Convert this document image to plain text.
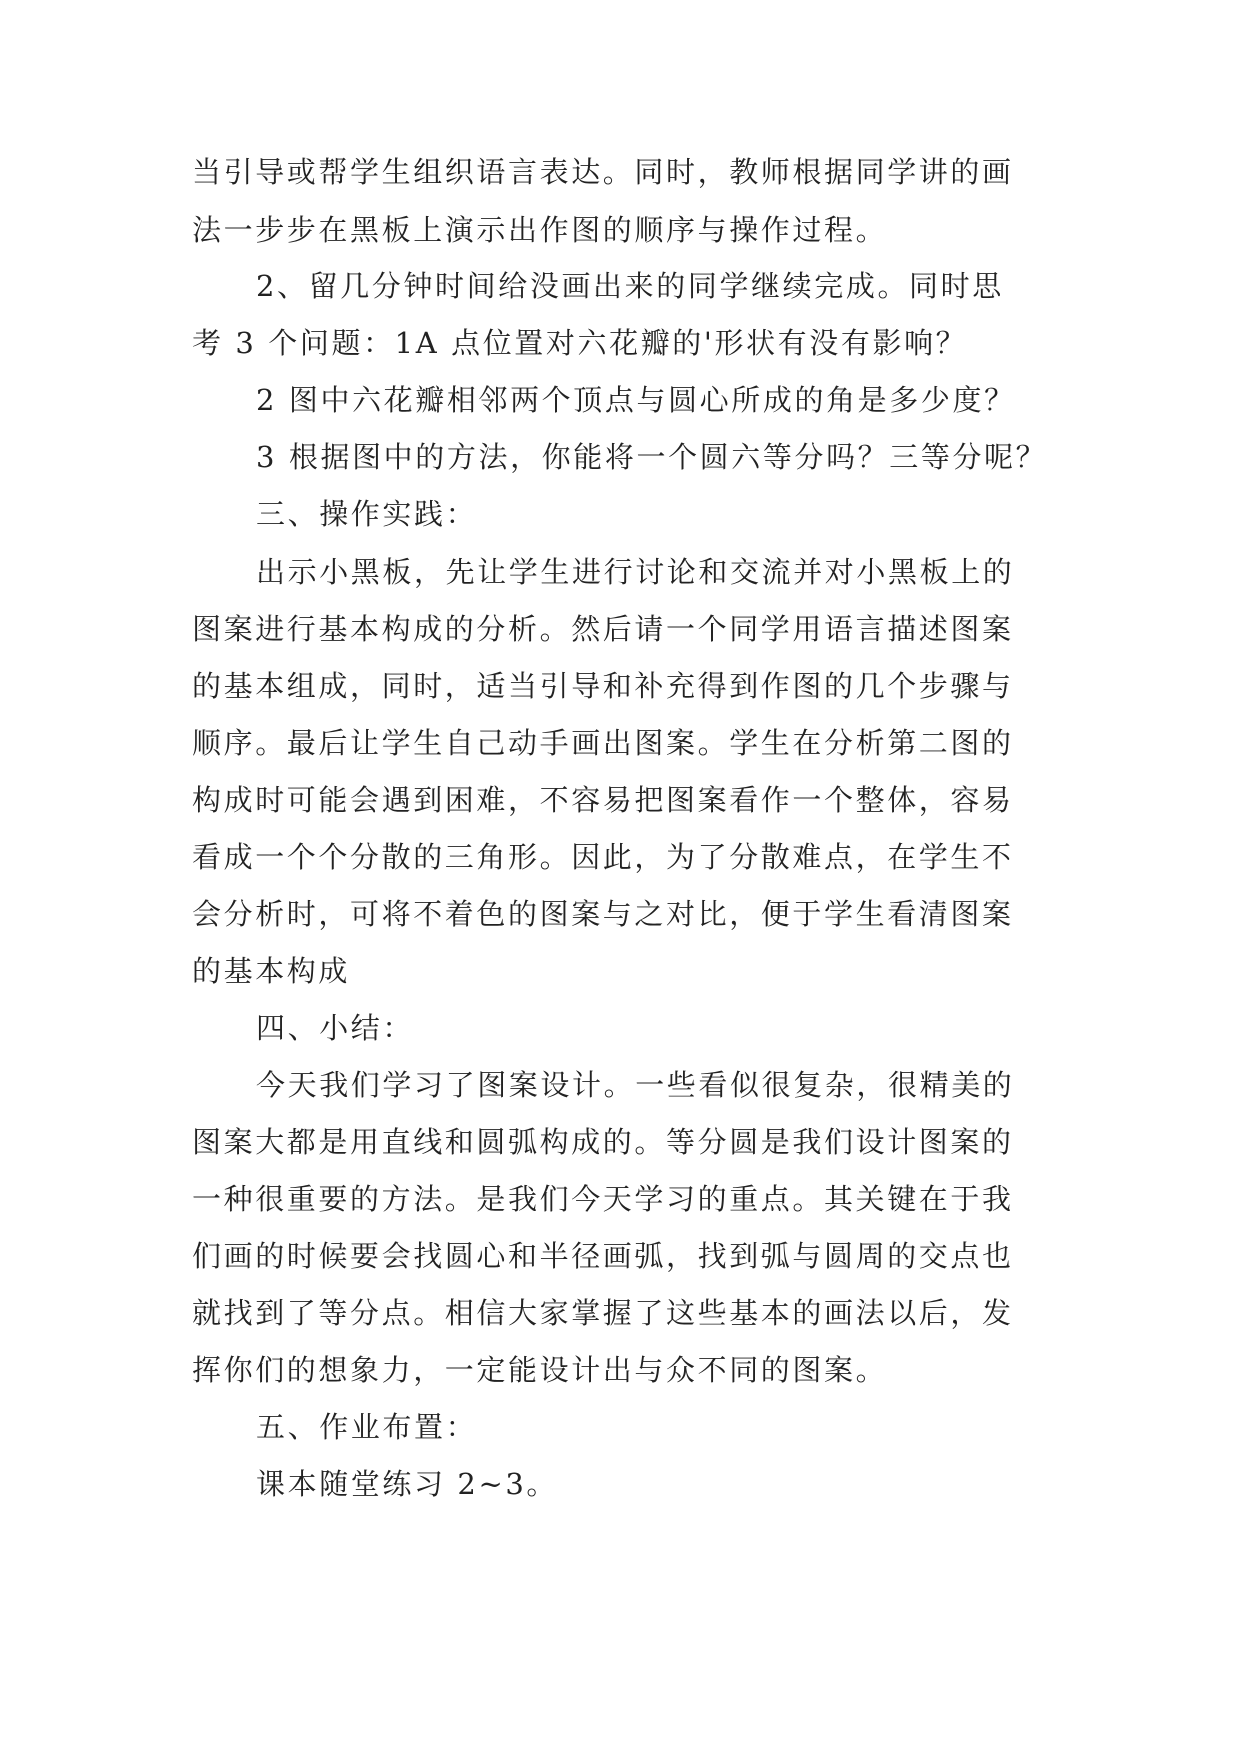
当引导或帮学生组织语言表达。同时，教师根据同学讲的画
法一步步在黑板上演示出作图的顺序与操作过程。
2、留几分钟时间给没画出来的同学继续完成。同时思
考 3 个问题：1A 点位置对六花瓣的'形状有没有影响？
2 图中六花瓣相邻两个顶点与圆心所成的角是多少度？
3 根据图中的方法，你能将一个圆六等分吗？三等分呢？
三、操作实践：
出示小黑板，先让学生进行讨论和交流并对小黑板上的
图案进行基本构成的分析。然后请一个同学用语言描述图案
的基本组成，同时，适当引导和补充得到作图的几个步骤与
顺序。最后让学生自己动手画出图案。学生在分析第二图的
构成时可能会遇到困难，不容易把图案看作一个整体，容易
看成一个个分散的三角形。因此，为了分散难点，在学生不
会分析时，可将不着色的图案与之对比，便于学生看清图案
的基本构成
四、小结：
今天我们学习了图案设计。一些看似很复杂，很精美的
图案大都是用直线和圆弧构成的。等分圆是我们设计图案的
一种很重要的方法。是我们今天学习的重点。其关键在于我
们画的时候要会找圆心和半径画弧，找到弧与圆周的交点也
就找到了等分点。相信大家掌握了这些基本的画法以后，发
挥你们的想象力，一定能设计出与众不同的图案。
五、作业布置：
课本随堂练习 2~3。
